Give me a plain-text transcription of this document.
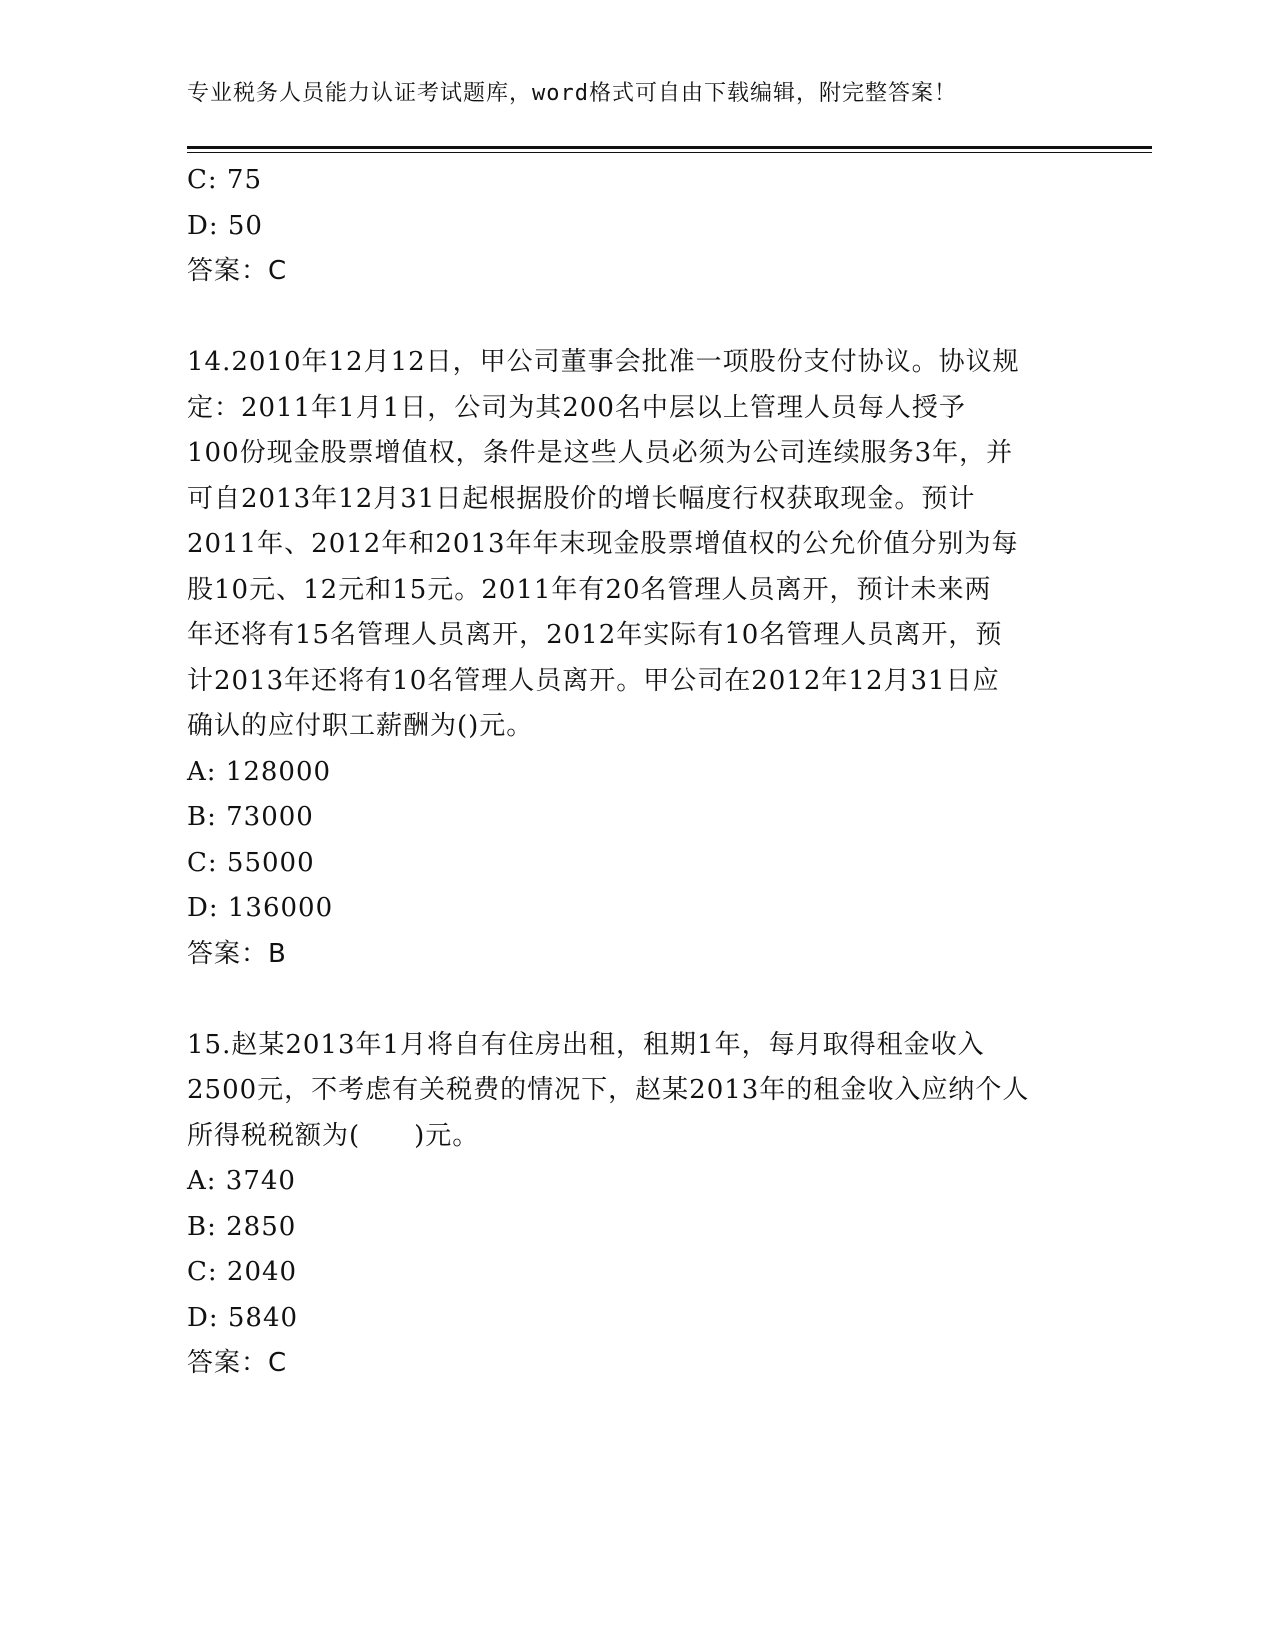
专业税务人员能力认证考试题库，word格式可自由下载编辑，附完整答案！
C: 75
D: 50
答案：C
14.2010年12月12日，甲公司董事会批准一项股份支付协议。协议规
定：2011年1月1日，公司为其200名中层以上管理人员每人授予
100份现金股票增值权，条件是这些人员必须为公司连续服务3年，并
可自2013年12月31日起根据股价的增长幅度行权获取现金。预计
2011年、2012年和2013年年末现金股票增值权的公允价值分别为每
股10元、12元和15元。2011年有20名管理人员离开，预计未来两
年还将有15名管理人员离开，2012年实际有10名管理人员离开，预
计2013年还将有10名管理人员离开。甲公司在2012年12月31日应
确认的应付职工薪酬为()元。
A: 128000
B: 73000
C: 55000
D: 136000
答案：B
15.赵某2013年1月将自有住房出租，租期1年，每月取得租金收入
2500元，不考虑有关税费的情况下，赵某2013年的租金收入应纳个人
所得税税额为(　　)元。
A: 3740
B: 2850
C: 2040
D: 5840
答案：C
